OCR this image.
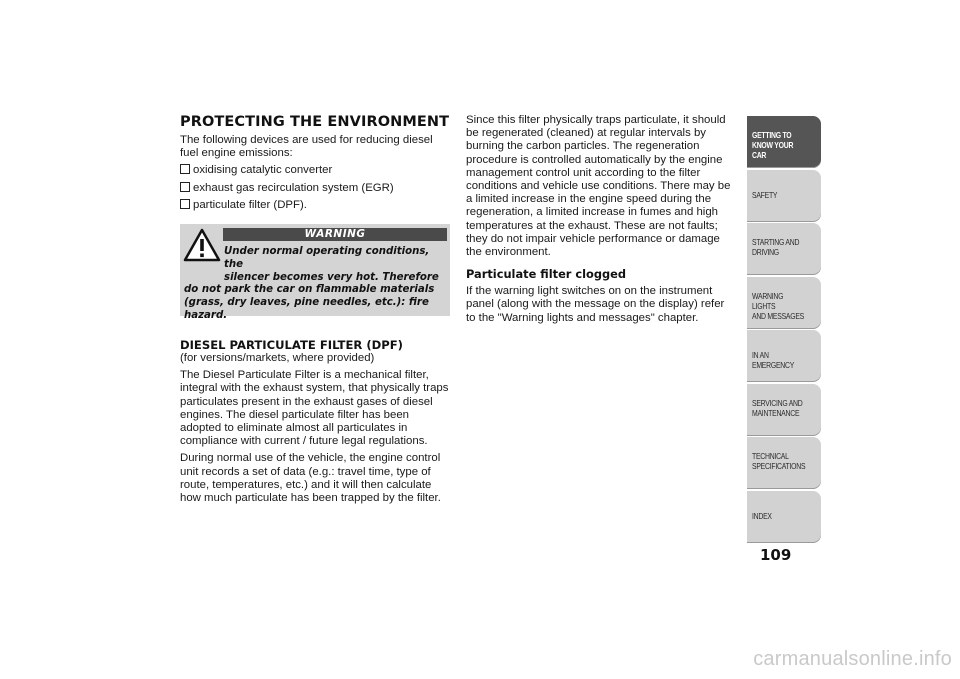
PROTECTING THE ENVIRONMENT

The following devices are used for reducing diesel fuel engine emissions:

oxidising catalytic converter
exhaust gas recirculation system (EGR)
particulate filter (DPF).
WARNING
Under normal operating conditions, the
silencer becomes very hot. Therefore
do not park the car on flammable materials (grass, dry leaves, pine needles, etc.): fire hazard.
DIESEL PARTICULATE FILTER (DPF)

(for versions/markets, where provided)

The Diesel Particulate Filter is a mechanical filter, integral with the exhaust system, that physically traps particulates present in the exhaust gases of diesel engines. The diesel particulate filter has been adopted to eliminate almost all particulates in compliance with current / future legal regulations.

During normal use of the vehicle, the engine control unit records a set of data (e.g.: travel time, type of route, temperatures, etc.) and it will then calculate how much particulate has been trapped by the filter.

Since this filter physically traps particulate, it should be regenerated (cleaned) at regular intervals by burning the carbon particles. The regeneration procedure is controlled automatically by the engine management control unit according to the filter conditions and vehicle use conditions. There may be a limited increase in the engine speed during the regeneration, a limited increase in fumes and high temperatures at the exhaust. These are not faults; they do not impair vehicle performance or damage the environment.

Particulate filter clogged

If the warning light switches on on the instrument panel (along with the message on the display) refer to the "Warning lights and messages" chapter.

GETTING TO
KNOW YOUR CAR
SAFETY
STARTING AND
DRIVING
WARNING LIGHTS
AND MESSAGES
IN AN EMERGENCY
SERVICING AND
MAINTENANCE
TECHNICAL
SPECIFICATIONS
INDEX
109
carmanualsonline.info
